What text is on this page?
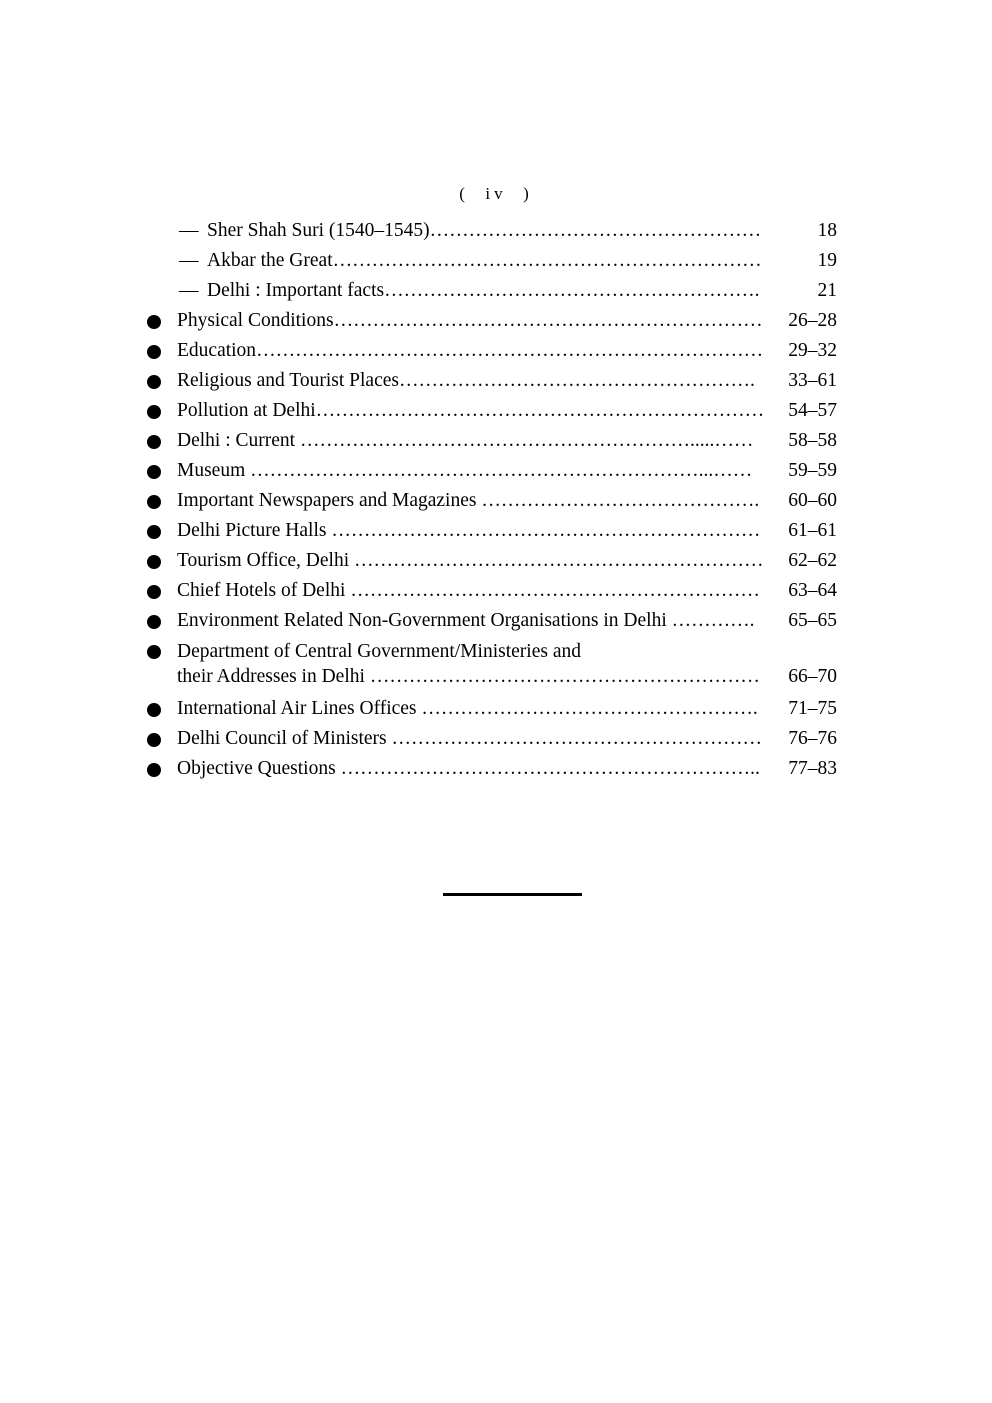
(  iv  )
— Sher Shah Suri (1540–1545)……………………………………………	18
— Akbar the Great…………………………………………………………	19
— Delhi : Important facts………………………………………………….	21
Physical Conditions…………………………………………………………	26–28
Education……………………………………………………………………	29–32
Religious and Tourist Places……………………………………………….	33–61
Pollution at Delhi……………………………………………………………	54–57
Delhi : Current …………………………………………………….....……	58–58
Museum ……………………………………………………………...……	59–59
Important Newspapers and Magazines …………………………………….	60–60
Delhi Picture Halls …………………………………………………………	61–61
Tourism Office, Delhi ………………………………………………………	62–62
Chief Hotels of Delhi ………………………………………………………	63–64
Environment Related Non-Government Organisations in Delhi ………….	65–65
Department of Central Government/Ministeries and
their Addresses in Delhi ……………………………………………………	66–70
International Air Lines Offices …………………………………………….	71–75
Delhi Council of Ministers …………………………………………………	76–76
Objective Questions ………………………………………………………..	77–83
